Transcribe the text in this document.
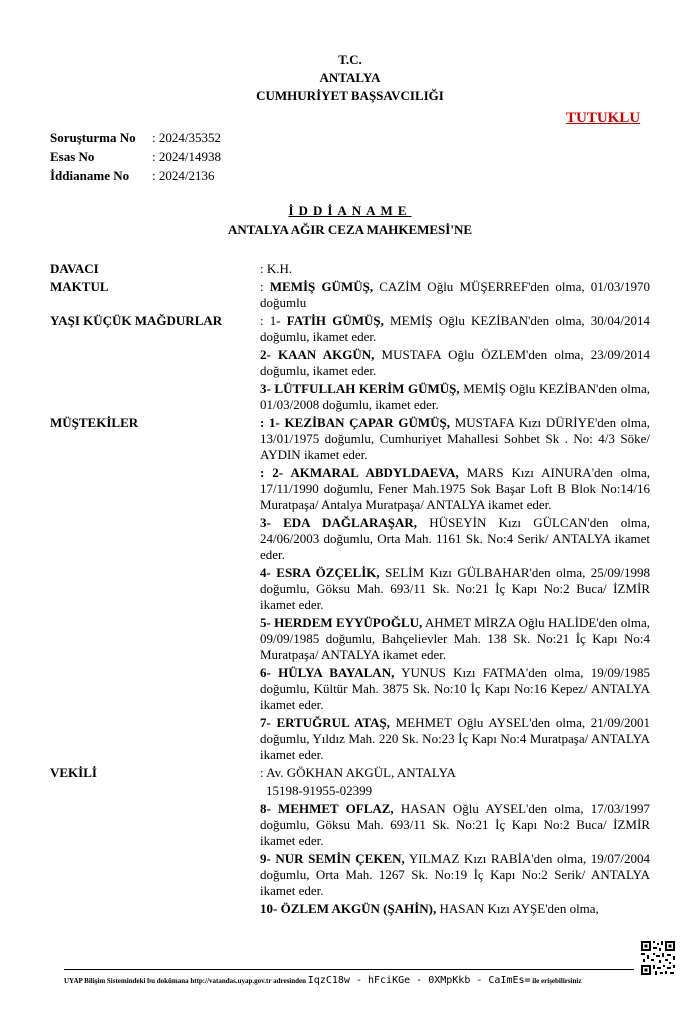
T.C.
ANTALYA
CUMHURİYET BAŞSAVCILIĞI
TUTUKLU
Soruşturma No	: 2024/35352
Esas No	: 2024/14938
İddianame No	: 2024/2136
İDDİANAME
ANTALYA AĞIR CEZA MAHKEMESİ'NE
DAVACI	: K.H.

MAKTUL	: MEMİŞ GÜMÜŞ, CAZİM Oğlu MÜŞERREF'den olma, 01/03/1970 doğumlu

YAŞI KÜÇÜK MAĞDURLAR	: 1- FATİH GÜMÜŞ, MEMİŞ Oğlu KEZİBAN'den olma, 30/04/2014 doğumlu, ikamet eder.

2- KAAN AKGÜN, MUSTAFA Oğlu ÖZLEM'den olma, 23/09/2014 doğumlu, ikamet eder.

3- LÜTFULLAH KERİM GÜMÜŞ, MEMİŞ Oğlu KEZİBAN'den olma, 01/03/2008 doğumlu, ikamet eder.

MÜŞTEKİLER	: 1- KEZİBAN ÇAPAR GÜMÜŞ, MUSTAFA Kızı DÜRİYE'den olma, 13/01/1975 doğumlu, Cumhuriyet Mahallesi Sohbet Sk . No: 4/3 Söke/ AYDIN ikamet eder.

: 2- AKMARAL ABDYLDAEVA, MARS Kızı AINURA'den olma, 17/11/1990 doğumlu, Fener Mah.1975 Sok Başar Loft B Blok No:14/16 Muratpaşa/ Antalya Muratpaşa/ ANTALYA ikamet eder.

3- EDA DAĞLARAŞAR, HÜSEYİN Kızı GÜLCAN'den olma, 24/06/2003 doğumlu, Orta Mah. 1161 Sk. No:4 Serik/ ANTALYA ikamet eder.

4- ESRA ÖZÇELİK, SELİM Kızı GÜLBAHAR'den olma, 25/09/1998 doğumlu, Göksu Mah. 693/11 Sk. No:21 İç Kapı No:2 Buca/ İZMİR ikamet eder.

5- HERDEM EYYÜPOĞLU, AHMET MİRZA Oğlu HALİDE'den olma, 09/09/1985 doğumlu, Bahçelievler Mah. 138 Sk. No:21 İç Kapı No:4 Muratpaşa/ ANTALYA ikamet eder.

6- HÜLYA BAYALAN, YUNUS Kızı FATMA'den olma, 19/09/1985 doğumlu, Kültür Mah. 3875 Sk. No:10 İç Kapı No:16 Kepez/ ANTALYA ikamet eder.

7- ERTUĞRUL ATAŞ, MEHMET Oğlu AYSEL'den olma, 21/09/2001 doğumlu, Yıldız Mah. 220 Sk. No:23 İç Kapı No:4 Muratpaşa/ ANTALYA ikamet eder.

VEKİLİ	: Av. GÖKHAN AKGÜL, ANTALYA

15198-91955-02399

8- MEHMET OFLAZ, HASAN Oğlu AYSEL'den olma, 17/03/1997 doğumlu, Göksu Mah. 693/11 Sk. No:21 İç Kapı No:2 Buca/ İZMİR ikamet eder.

9- NUR SEMİN ÇEKEN, YILMAZ Kızı RABİA'den olma, 19/07/2004 doğumlu, Orta Mah. 1267 Sk. No:19 İç Kapı No:2 Serik/ ANTALYA ikamet eder.

10- ÖZLEM AKGÜN (ŞAHİN), HASAN Kızı AYŞE'den olma,

UYAP Bilişim Sistemindeki bu dokümana http://vatandas.uyap.gov.tr adresinden IqzC18w - hFciKGe - 0XMpKkb - CaImEs= ile erişebilirsiniz
